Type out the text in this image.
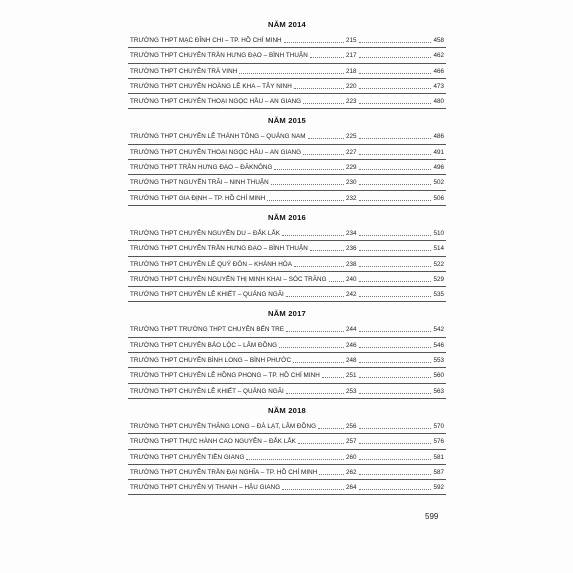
NĂM 2014
TRƯỜNG THPT MẠC ĐĨNH CHI – TP. HỒ CHÍ MINH	215	458
TRƯỜNG THPT CHUYÊN TRẦN HƯNG ĐẠO – BÌNH THUẬN	217	462
TRƯỜNG THPT CHUYÊN TRÀ VINH	218	466
TRƯỜNG THPT CHUYÊN HOÀNG LÊ KHA – TÂY NINH	220	473
TRƯỜNG THPT CHUYÊN THOẠI NGỌC HẦU – AN GIANG	223	480
NĂM 2015
TRƯỜNG THPT CHUYÊN LÊ THÁNH TÔNG – QUẢNG NAM	225	486
TRƯỜNG THPT CHUYÊN THOẠI NGỌC HẦU – AN GIANG	227	491
TRƯỜNG THPT TRẦN HƯNG ĐẠO – ĐĂKNÔNG	229	496
TRƯỜNG THPT NGUYỄN TRÃI – NINH THUẬN	230	502
TRƯỜNG THPT GIA ĐỊNH – TP. HỒ CHÍ MINH	232	506
NĂM 2016
TRƯỜNG THPT CHUYÊN NGUYỄN DU – ĐẮK LẮK	234	510
TRƯỜNG THPT CHUYÊN TRẦN HƯNG ĐẠO – BÌNH THUẬN	236	514
TRƯỜNG THPT CHUYÊN LÊ QUÝ ĐÔN – KHÁNH HÒA	238	522
TRƯỜNG THPT CHUYÊN NGUYỄN THỊ MINH KHAI – SÓC TRĂNG	240	529
TRƯỜNG THPT CHUYÊN LÊ KHIẾT – QUẢNG NGÃI	242	535
NĂM 2017
TRƯỜNG THPT TRƯỜNG THPT CHUYÊN BẾN TRE	244	542
TRƯỜNG THPT CHUYÊN BẢO LỘC – LÂM ĐỒNG	246	546
TRƯỜNG THPT CHUYÊN BÌNH LONG – BÌNH PHƯỚC	248	553
TRƯỜNG THPT CHUYÊN LÊ HỒNG PHONG – TP. HỒ CHÍ MINH	251	560
TRƯỜNG THPT CHUYÊN LÊ KHIẾT – QUẢNG NGÃI	253	563
NĂM 2018
TRƯỜNG THPT CHUYÊN THĂNG LONG – ĐÀ LẠT, LÂM ĐỒNG	256	570
TRƯỜNG THPT THỰC HÀNH CAO NGUYÊN – ĐẮK LẮK	257	576
TRƯỜNG THPT CHUYÊN TIỀN GIANG	260	581
TRƯỜNG THPT CHUYÊN TRẦN ĐẠI NGHĨA – TP. HỒ CHÍ MINH	262	587
TRƯỜNG THPT CHUYÊN VỊ THANH – HẬU GIANG	264	592
599
